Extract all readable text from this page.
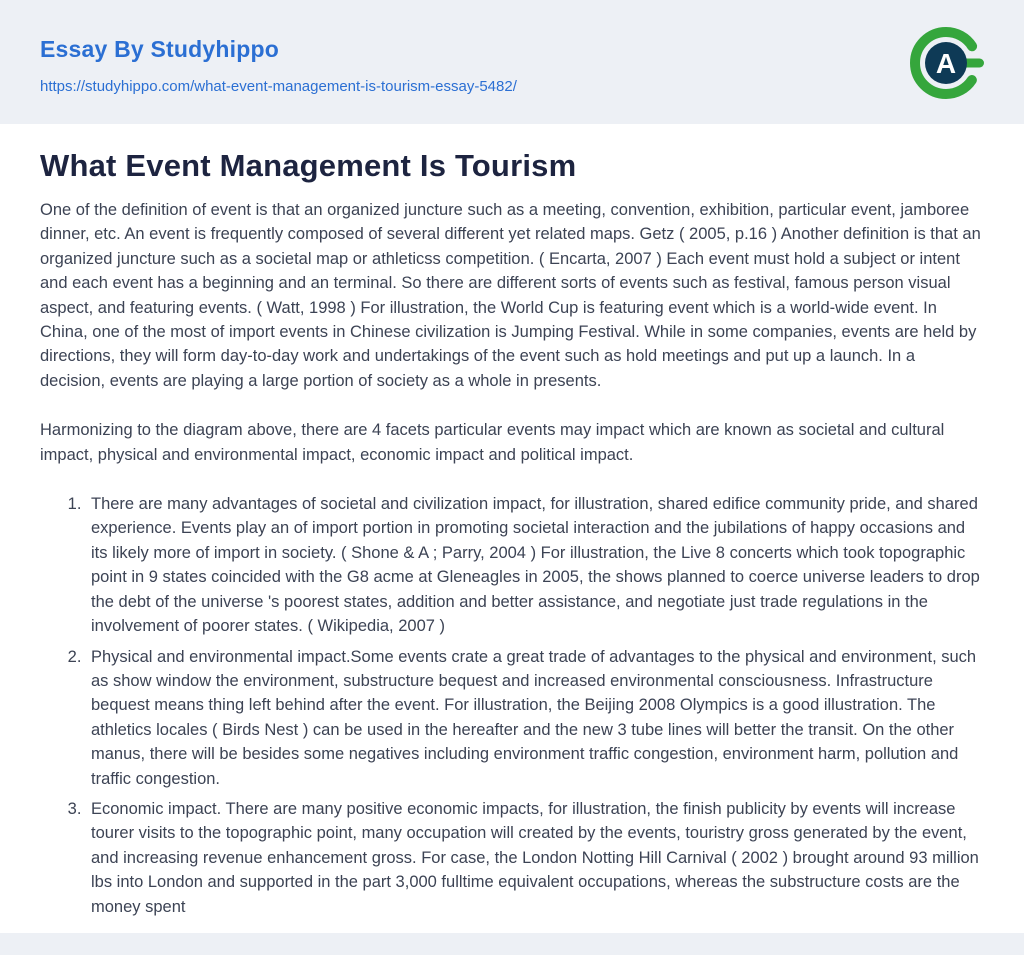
Essay By Studyhippo
https://studyhippo.com/what-event-management-is-tourism-essay-5482/
A
What Event Management Is Tourism

One of the definition of event is that an organized juncture such as a meeting, convention, exhibition, particular event, jamboree dinner, etc. An event is frequently composed of several different yet related maps. Getz ( 2005, p.16 ) Another definition is that an organized juncture such as a societal map or athleticss competition. ( Encarta, 2007 ) Each event must hold a subject or intent and each event has a beginning and an terminal. So there are different sorts of events such as festival, famous person visual aspect, and featuring events. ( Watt, 1998 ) For illustration, the World Cup is featuring event which is a world-wide event. In China, one of the most of import events in Chinese civilization is Jumping Festival. While in some companies, events are held by directions, they will form day-to-day work and undertakings of the event such as hold meetings and put up a launch. In a decision, events are playing a large portion of society as a whole in presents.

Harmonizing to the diagram above, there are 4 facets particular events may impact which are known as societal and cultural impact, physical and environmental impact, economic impact and political impact.

1. There are many advantages of societal and civilization impact, for illustration, shared edifice community pride, and shared experience. Events play an of import portion in promoting societal interaction and the jubilations of happy occasions and its likely more of import in society. ( Shone & A ; Parry, 2004 ) For illustration, the Live 8 concerts which took topographic point in 9 states coincided with the G8 acme at Gleneagles in 2005, the shows planned to coerce universe leaders to drop the debt of the universe 's poorest states, addition and better assistance, and negotiate just trade regulations in the involvement of poorer states. ( Wikipedia, 2007 )
2. Physical and environmental impact.Some events crate a great trade of advantages to the physical and environment, such as show window the environment, substructure bequest and increased environmental consciousness. Infrastructure bequest means thing left behind after the event. For illustration, the Beijing 2008 Olympics is a good illustration. The athletics locales ( Birds Nest ) can be used in the hereafter and the new 3 tube lines will better the transit. On the other manus, there will be besides some negatives including environment traffic congestion, environment harm, pollution and traffic congestion.
3. Economic impact. There are many positive economic impacts, for illustration, the finish publicity by events will increase tourer visits to the topographic point, many occupation will created by the events, touristry gross generated by the event, and increasing revenue enhancement gross. For case, the London Notting Hill Carnival ( 2002 ) brought around 93 million lbs into London and supported in the part 3,000 fulltime equivalent occupations, whereas the substructure costs are the money spent
